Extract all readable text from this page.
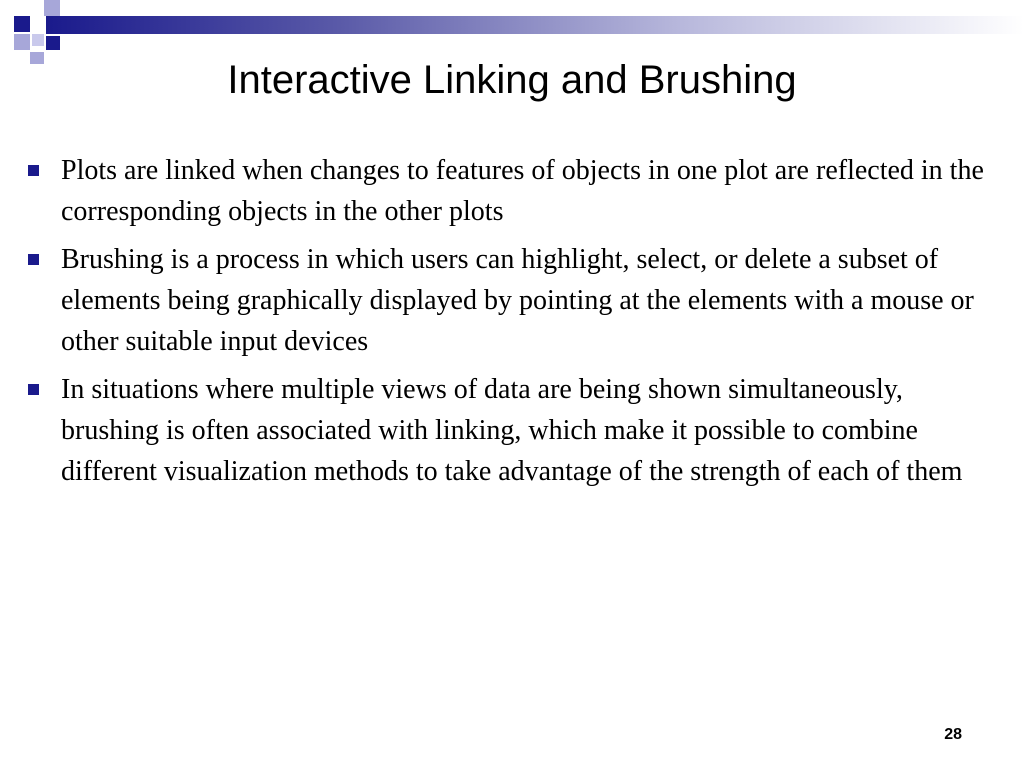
Interactive Linking and Brushing
Plots are linked when changes to features of objects in one plot are reflected in the corresponding objects in the other plots
Brushing is a process in which users can highlight, select, or delete a subset of elements being graphically displayed by pointing at the elements with a mouse or other suitable input devices
In situations where multiple views of data are being shown simultaneously, brushing is often associated with linking, which make it possible to combine different visualization methods to take advantage of the strength of each of them
28
